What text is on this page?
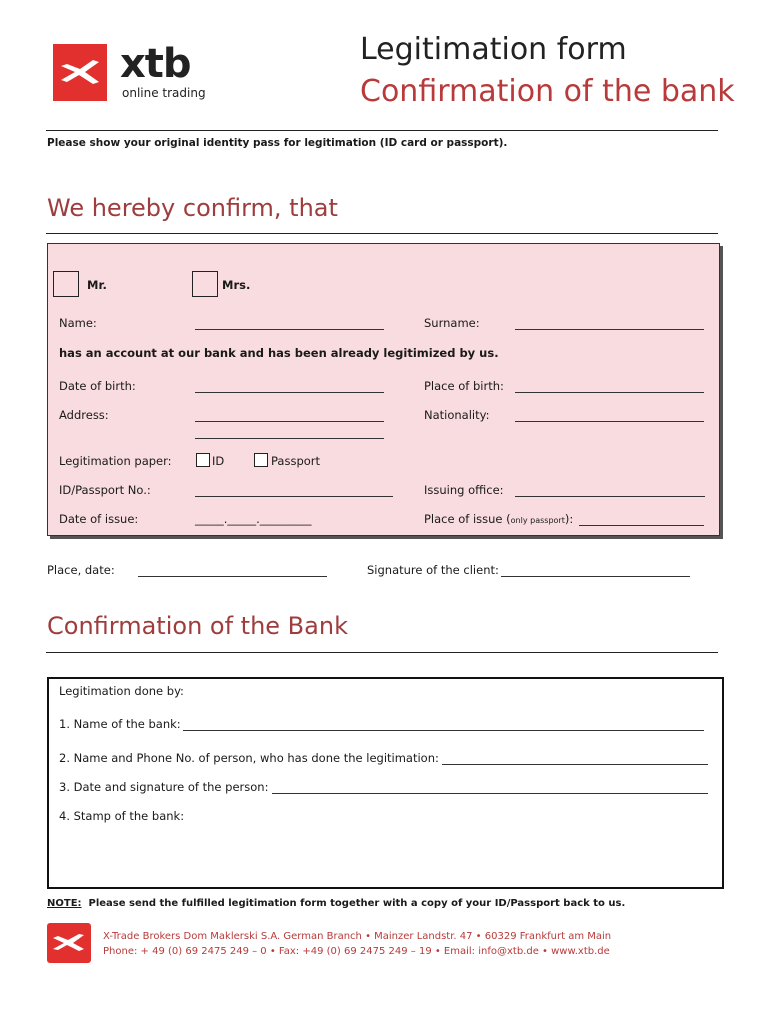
xtb
online trading
Legitimation form
Confirmation of the bank
Please show your original identity pass for legitimation (ID card or passport).
We hereby confirm, that
Mr.	Mrs.
Name:	Surname:
has an account at our bank and has been already legitimized by us.
Date of birth:	Place of birth:
Address:	Nationality:
Legitimation paper:	ID	Passport
ID/Passport No.:	Issuing office:
Date of issue:	_____._____._________	Place of issue (only passport):
Place, date:	Signature of the client:
Confirmation of the Bank
Legitimation done by:
1. Name of the bank:
2. Name and Phone No. of person, who has done the legitimation:
3. Date and signature of the person:
4. Stamp of the bank:
NOTE: Please send the fulfilled legitimation form together with a copy of your ID/Passport back to us.
X-Trade Brokers Dom Maklerski S.A. German Branch • Mainzer Landstr. 47 • 60329 Frankfurt am Main
Phone: + 49 (0) 69 2475 249 – 0 • Fax: +49 (0) 69 2475 249 – 19 • Email: info@xtb.de • www.xtb.de
